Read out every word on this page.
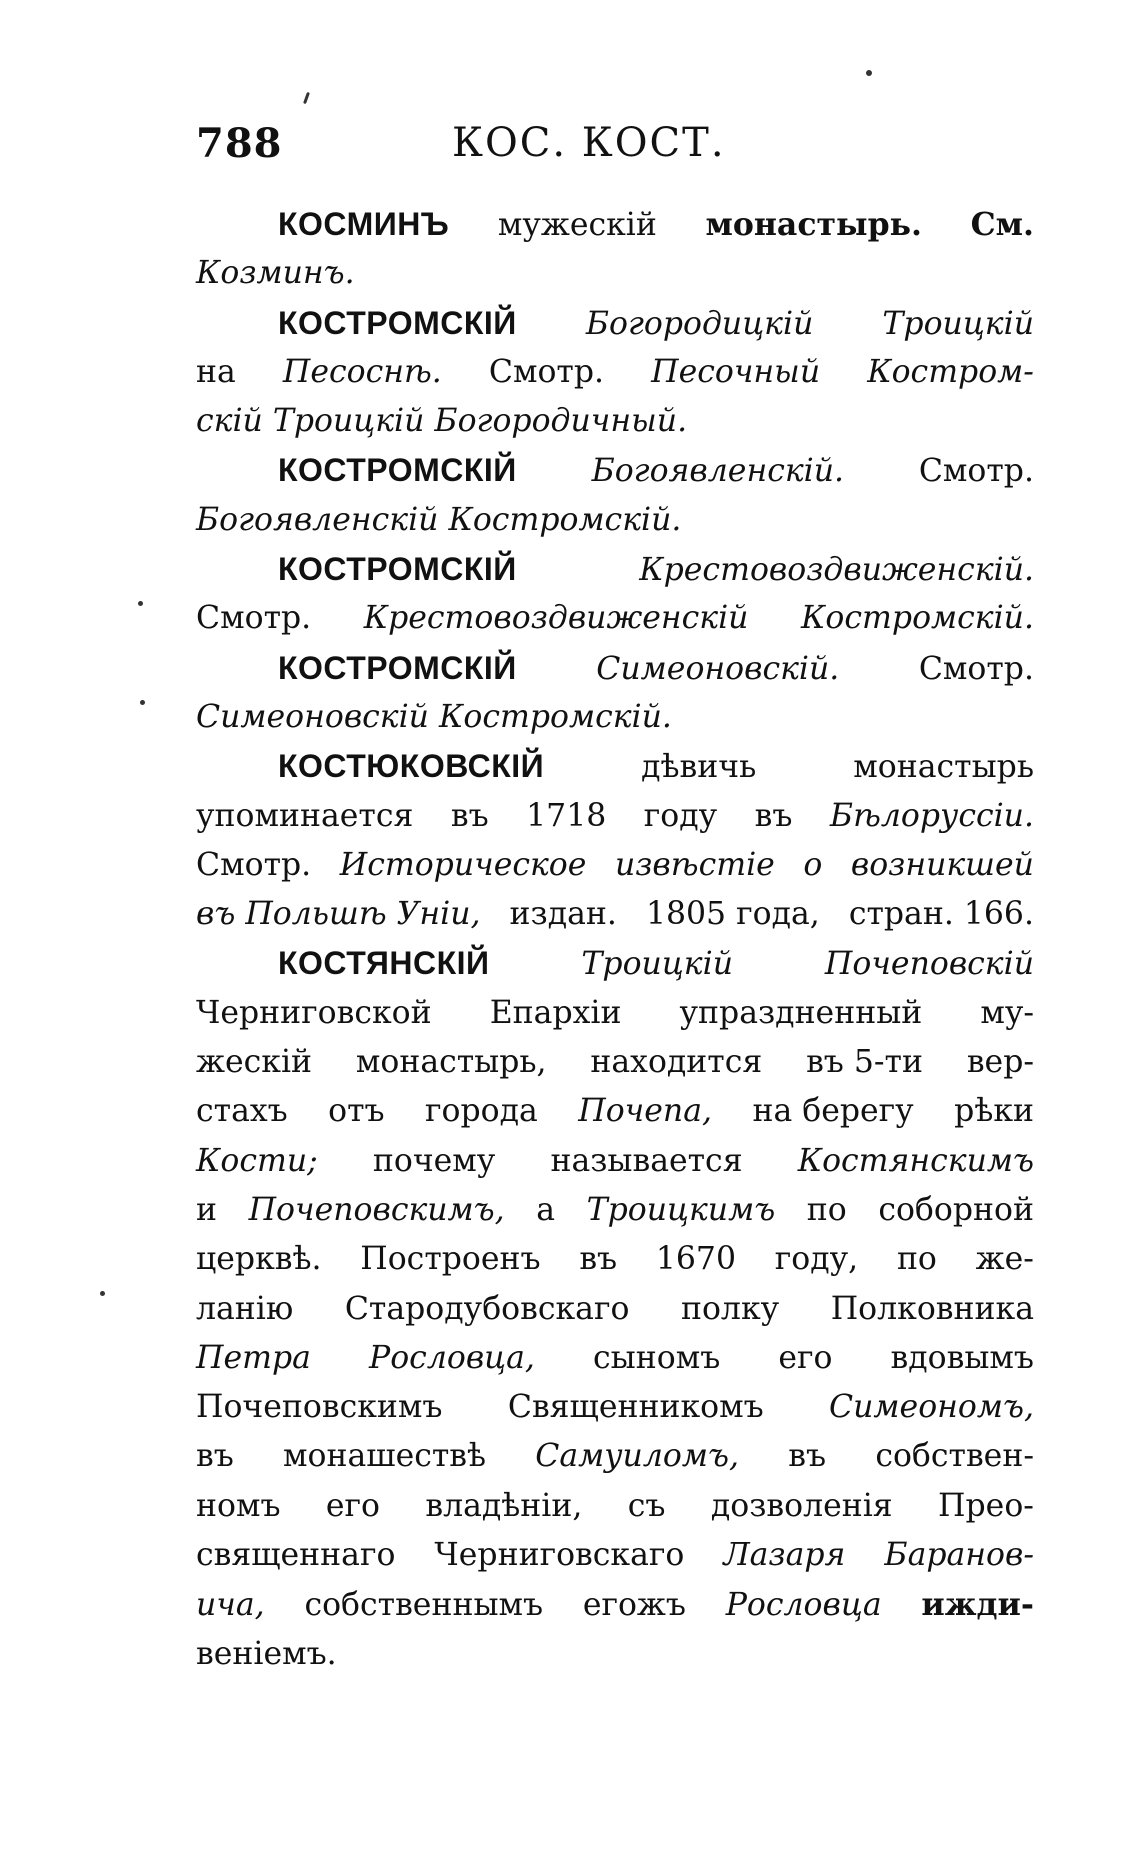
788	КОС. КОСТ.
КОСМИНЪ мужескій монастырь. См.
Козминъ.
КОСТРОМСКІЙ Богородицкій Троицкій
на Песоснѣ. Смотр. Песочный Костром-
скій Троицкій Богородичный.
КОСТРОМСКІЙ Богоявленскій. Смотр.
Богоявленскій Костромскій.
КОСТРОМСКІЙ	Крестовоздвиженскій.
Смотр. Крестовоздвиженскій Костромскій.
КОСТРОМСКІЙ	Симеоновскій.	Смотр.
Симеоновскій Костромскій.
КОСТЮКОВСКІЙ	дѣвичь	монастырь
упоминается въ 1718 году въ Бѣлоруссіи.
Смотр. Историческое извѣстіе о возникшей
въ Польшѣ Уніи, издан. 1805 года, стран. 166.
КОСТЯНСКІЙ	Троицкій	Почеповскій
Черниговской Епархіи упраздненный му-
жескій монастырь, находится въ 5-ти вер-
стахъ отъ города Почепа, на берегу рѣки
Кости; почему называется Костянскимъ
и Почеповскимъ, а Троицкимъ по соборной
церквѣ. Построенъ въ 1670 году, по же-
ланію Стародубовскаго полку Полковника
Петра Рословца, сыномъ его вдовымъ
Почеповскимъ Священникомъ Симеономъ,
въ монашествѣ Самуиломъ, въ собствен-
номъ его владѣніи, съ дозволенія Прео-
священнаго Черниговскаго Лазаря Баранов-
ича, собственнымъ егожъ Рословца ижди-
веніемъ.
